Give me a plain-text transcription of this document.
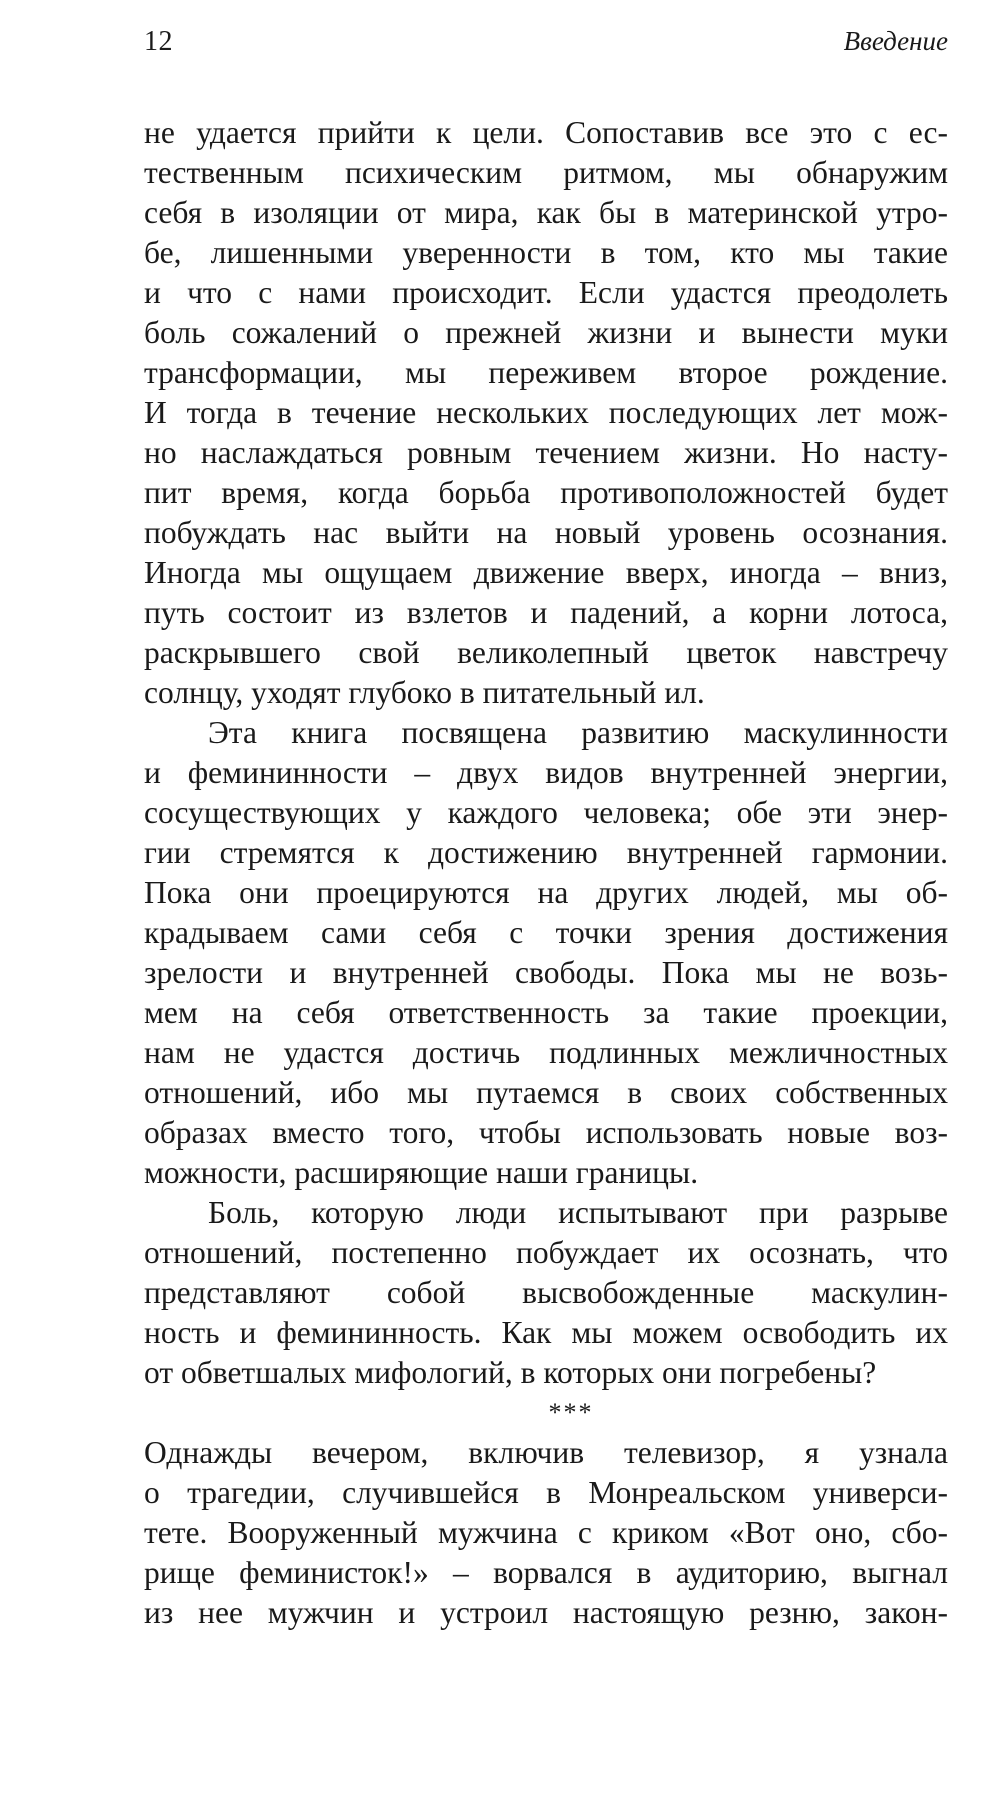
12	Введение
не удается прийти к цели. Сопоставив все это с ес-
тественным психическим ритмом, мы обнаружим
себя в изоляции от мира, как бы в материнской утро-
бе, лишенными уверенности в том, кто мы такие
и что с нами происходит. Если удастся преодолеть
боль сожалений о прежней жизни и вынести муки
трансформации, мы переживем второе рождение.
И тогда в течение нескольких последующих лет мож-
но наслаждаться ровным течением жизни. Но насту-
пит время, когда борьба противоположностей будет
побуждать нас выйти на новый уровень осознания.
Иногда мы ощущаем движение вверх, иногда – вниз,
путь состоит из взлетов и падений, а корни лотоса,
раскрывшего свой великолепный цветок навстречу
солнцу, уходят глубоко в питательный ил.
Эта книга посвящена развитию маскулинности
и фемининности – двух видов внутренней энергии,
сосуществующих у каждого человека; обе эти энер-
гии стремятся к достижению внутренней гармонии.
Пока они проецируются на других людей, мы об-
крадываем сами себя с точки зрения достижения
зрелости и внутренней свободы. Пока мы не возь-
мем на себя ответственность за такие проекции,
нам не удастся достичь подлинных межличностных
отношений, ибо мы путаемся в своих собственных
образах вместо того, чтобы использовать новые воз-
можности, расширяющие наши границы.
Боль, которую люди испытывают при разрыве
отношений, постепенно побуждает их осознать, что
представляют собой высвобожденные маскулин-
ность и фемининность. Как мы можем освободить их
от обветшалых мифологий, в которых они погребены?
***
Однажды вечером, включив телевизор, я узнала
о трагедии, случившейся в Монреальском универси-
тете. Вооруженный мужчина с криком «Вот оно, сбо-
рище феминисток!» – ворвался в аудиторию, выгнал
из нее мужчин и устроил настоящую резню, закон-
